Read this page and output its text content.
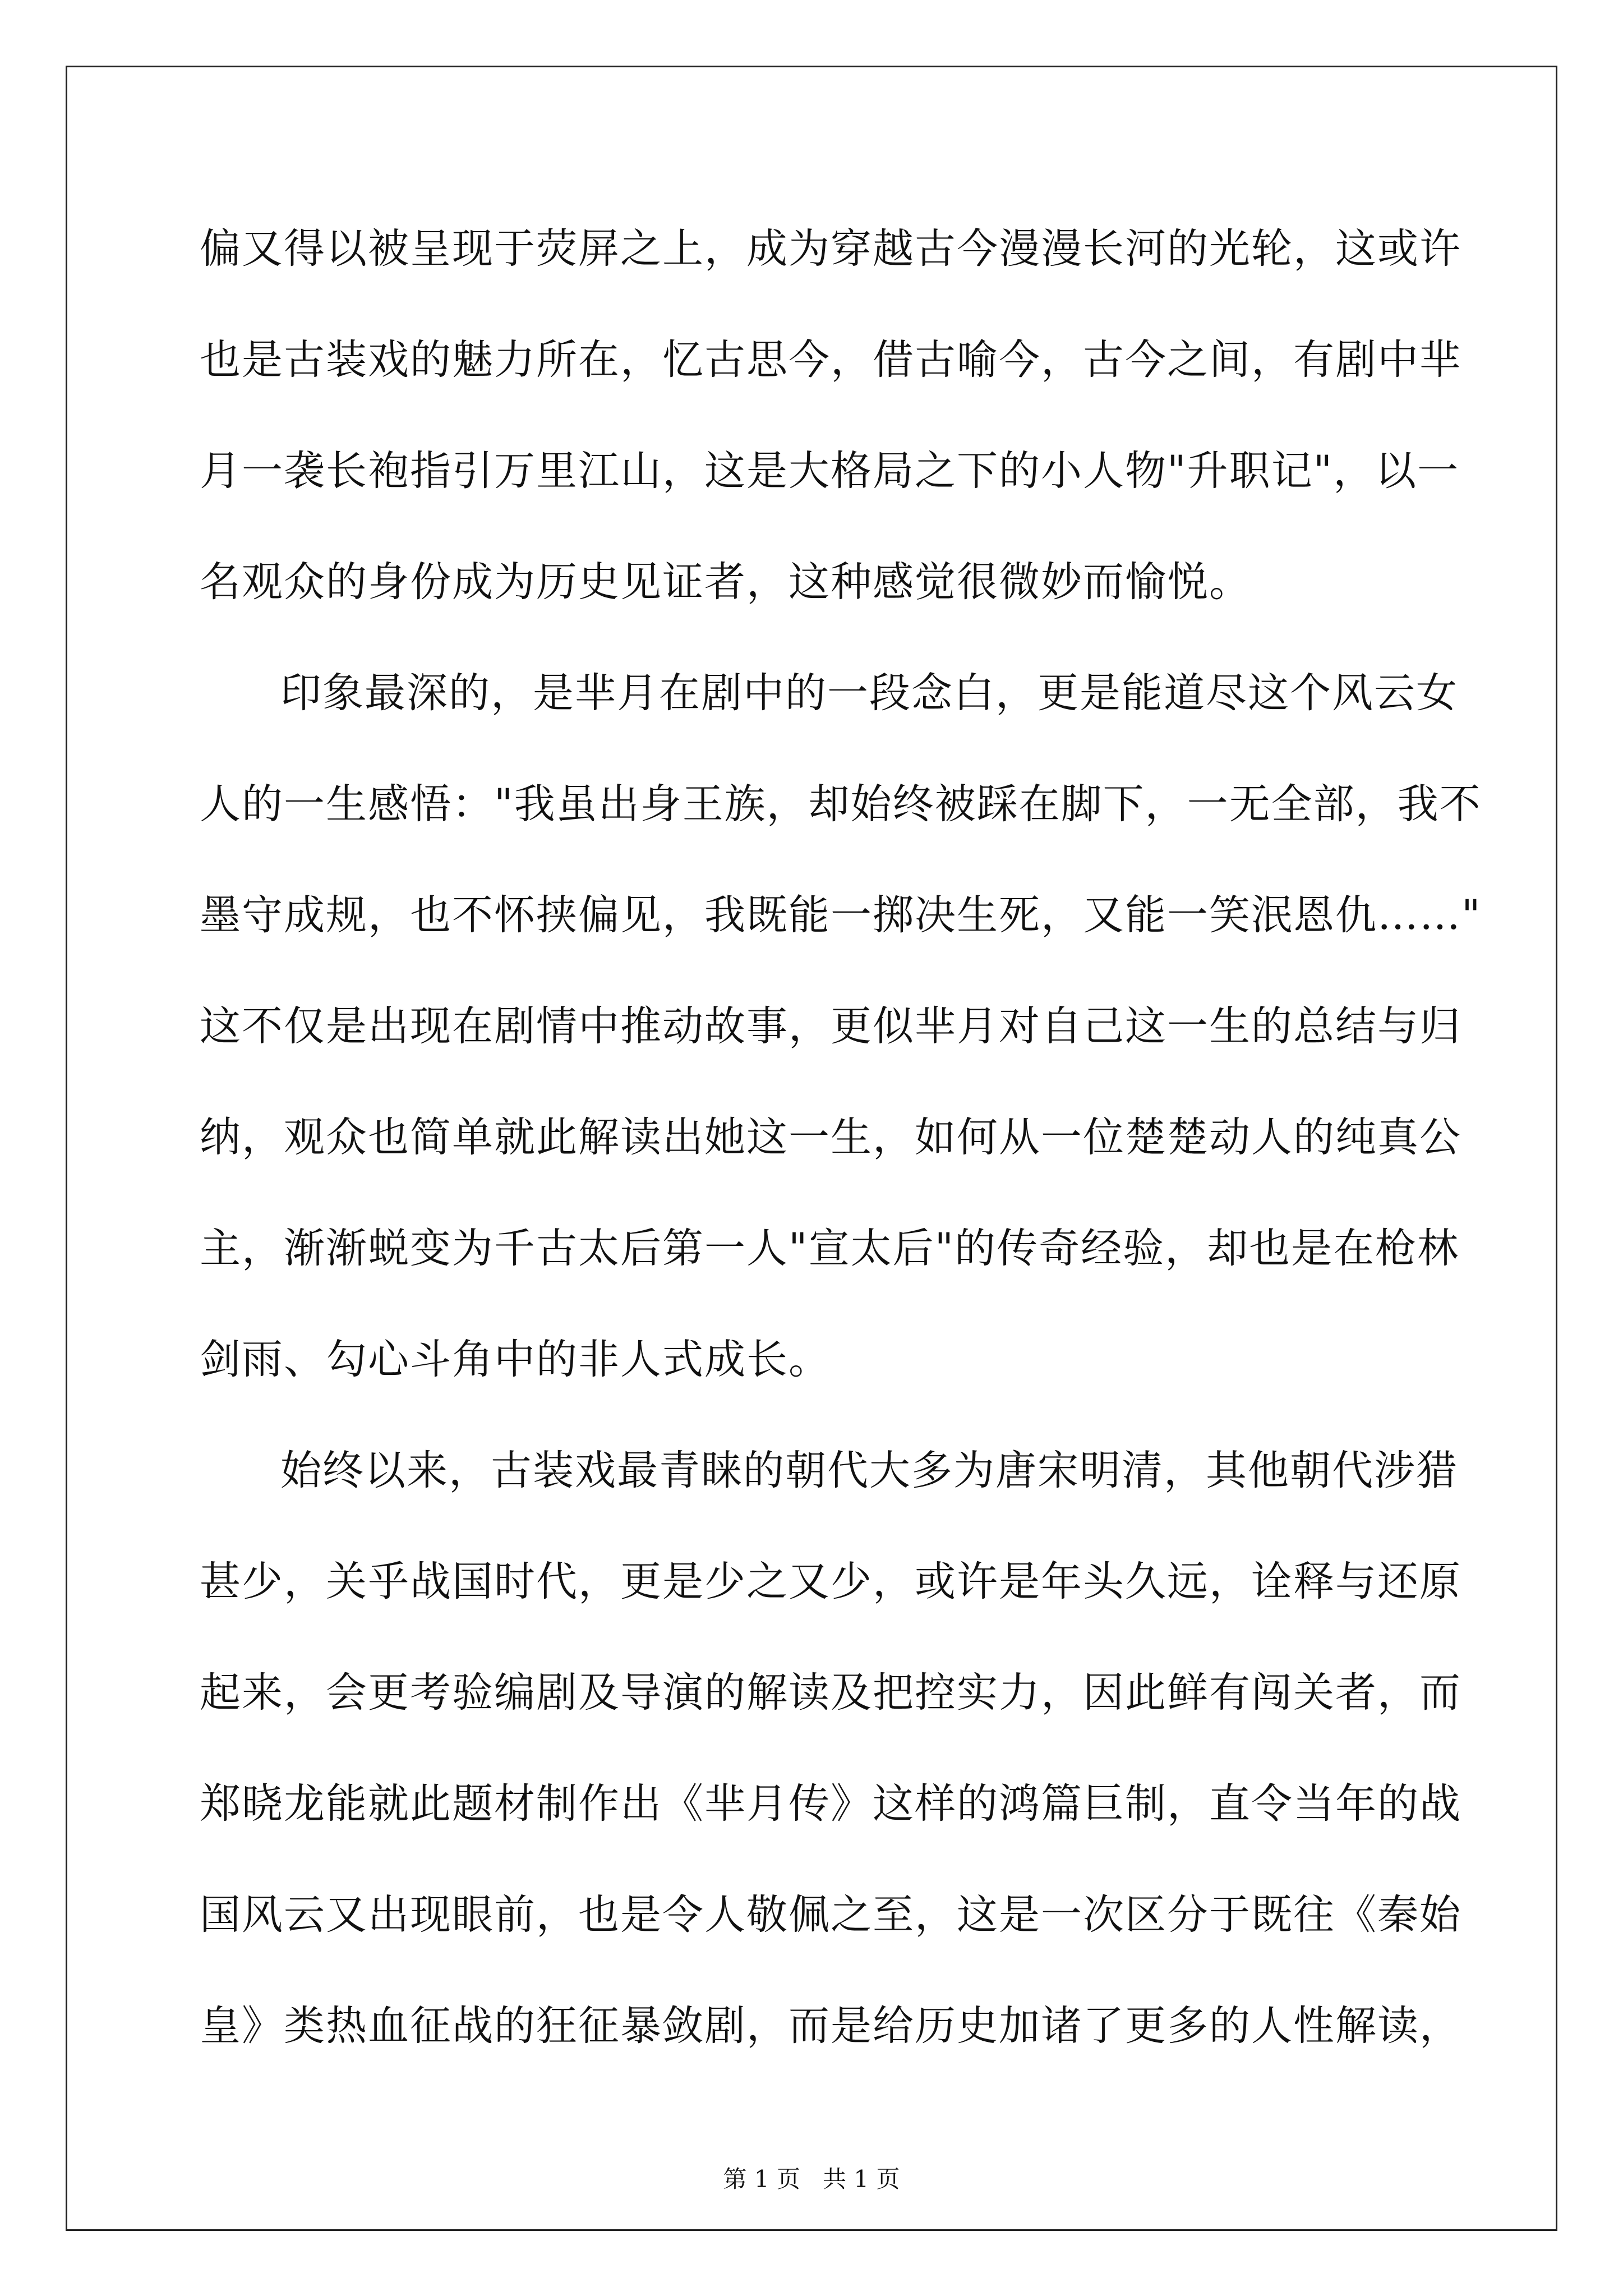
偏又得以被呈现于荧屏之上，成为穿越古今漫漫长河的光轮，这或许
也是古装戏的魅力所在，忆古思今，借古喻今，古今之间，有剧中芈
月一袭长袍指引万里江山，这是大格局之下的小人物"升职记"，以一
名观众的身份成为历史见证者，这种感觉很微妙而愉悦。
印象最深的，是芈月在剧中的一段念白，更是能道尽这个风云女
人的一生感悟："我虽出身王族，却始终被踩在脚下，一无全部，我不
墨守成规，也不怀挟偏见，我既能一掷决生死，又能一笑泯恩仇……"
这不仅是出现在剧情中推动故事，更似芈月对自己这一生的总结与归
纳，观众也简单就此解读出她这一生，如何从一位楚楚动人的纯真公
主，渐渐蜕变为千古太后第一人"宣太后"的传奇经验，却也是在枪林
剑雨、勾心斗角中的非人式成长。
始终以来，古装戏最青睐的朝代大多为唐宋明清，其他朝代涉猎
甚少，关乎战国时代，更是少之又少，或许是年头久远，诠释与还原
起来，会更考验编剧及导演的解读及把控实力，因此鲜有闯关者，而
郑晓龙能就此题材制作出《芈月传》这样的鸿篇巨制，直令当年的战
国风云又出现眼前，也是令人敬佩之至，这是一次区分于既往《秦始
皇》类热血征战的狂征暴敛剧，而是给历史加诸了更多的人性解读，
第 1 页   共 1 页
